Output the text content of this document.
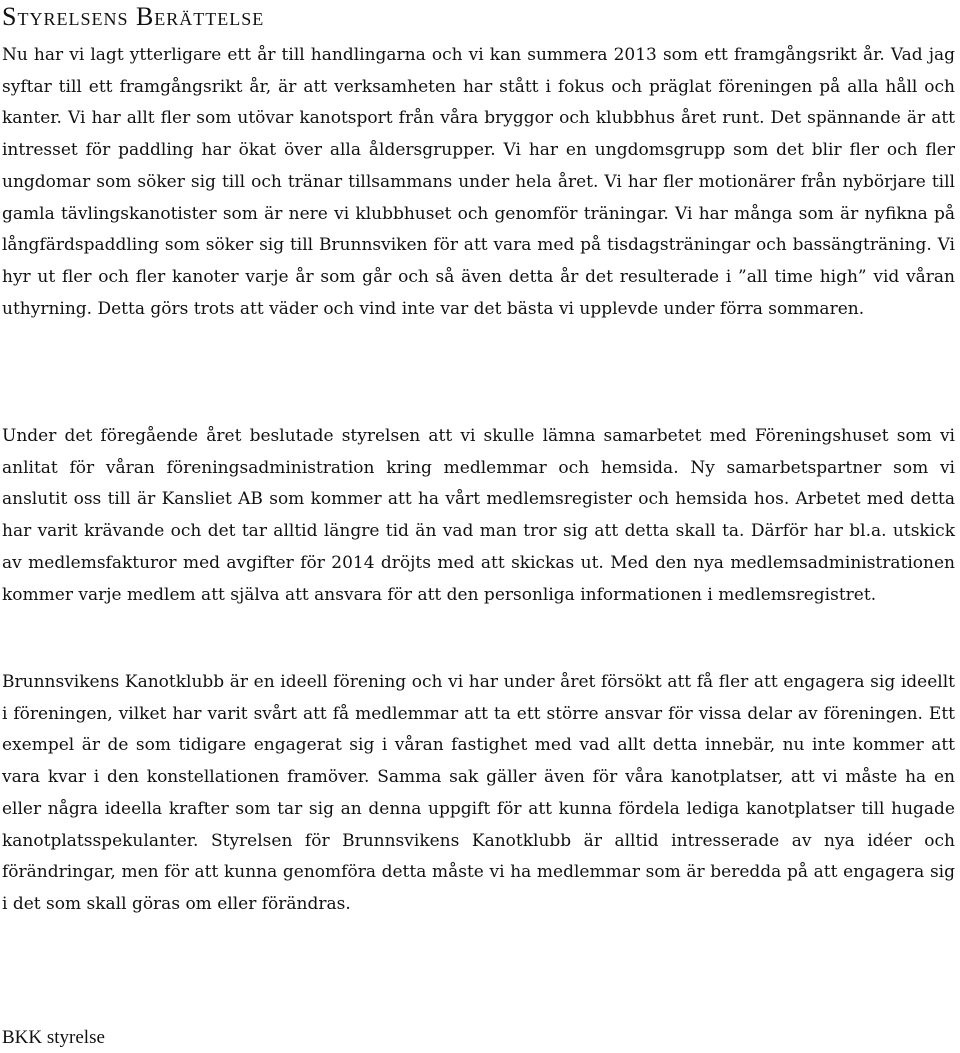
Styrelsens Berättelse

Nu har vi lagt ytterligare ett år till handlingarna och vi kan summera 2013 som ett framgångsrikt år. Vad jag syftar till ett framgångsrikt år, är att verksamheten har stått i fokus och präglat föreningen på alla håll och kanter. Vi har allt fler som utövar kanotsport från våra bryggor och klubbhus året runt. Det spännande är att intresset för paddling har ökat över alla åldersgrupper. Vi har en ungdomsgrupp som det blir fler och fler ungdomar som söker sig till och tränar tillsammans under hela året. Vi har fler motionärer från nybörjare till gamla tävlingskanotister som är nere vi klubbhuset och genomför träningar. Vi har många som är nyfikna på långfärdspaddling som söker sig till Brunnsviken för att vara med på tisdagsträningar och bassängträning. Vi hyr ut fler och fler kanoter varje år som går och så även detta år det resulterade i ”all time high” vid våran uthyrning. Detta görs trots att väder och vind inte var det bästa vi upplevde under förra sommaren.

Under det föregående året beslutade styrelsen att vi skulle lämna samarbetet med Föreningshuset som vi anlitat för våran föreningsadministration kring medlemmar och hemsida. Ny samarbetspartner som vi anslutit oss till är Kansliet AB som kommer att ha vårt medlemsregister och hemsida hos. Arbetet med detta har varit krävande och det tar alltid längre tid än vad man tror sig att detta skall ta. Därför har bl.a. utskick av medlemsfakturor med avgifter för 2014 dröjts med att skickas ut. Med den nya medlemsadministrationen kommer varje medlem att själva att ansvara för att den personliga informationen i medlemsregistret.

Brunnsvikens Kanotklubb är en ideell förening och vi har under året försökt att få fler att engagera sig ideellt i föreningen, vilket har varit svårt att få medlemmar att ta ett större ansvar för vissa delar av föreningen. Ett exempel är de som tidigare engagerat sig i våran fastighet med vad allt detta innebär, nu inte kommer att vara kvar i den konstellationen framöver. Samma sak gäller även för våra kanotplatser, att vi måste ha en eller några ideella krafter som tar sig an denna uppgift för att kunna fördela lediga kanotplatser till hugade kanotplatsspekulanter. Styrelsen för Brunnsvikens Kanotklubb är alltid intresserade av nya idéer och förändringar, men för att kunna genomföra detta måste vi ha medlemmar som är beredda på att engagera sig i det som skall göras om eller förändras.

BKK styrelse
